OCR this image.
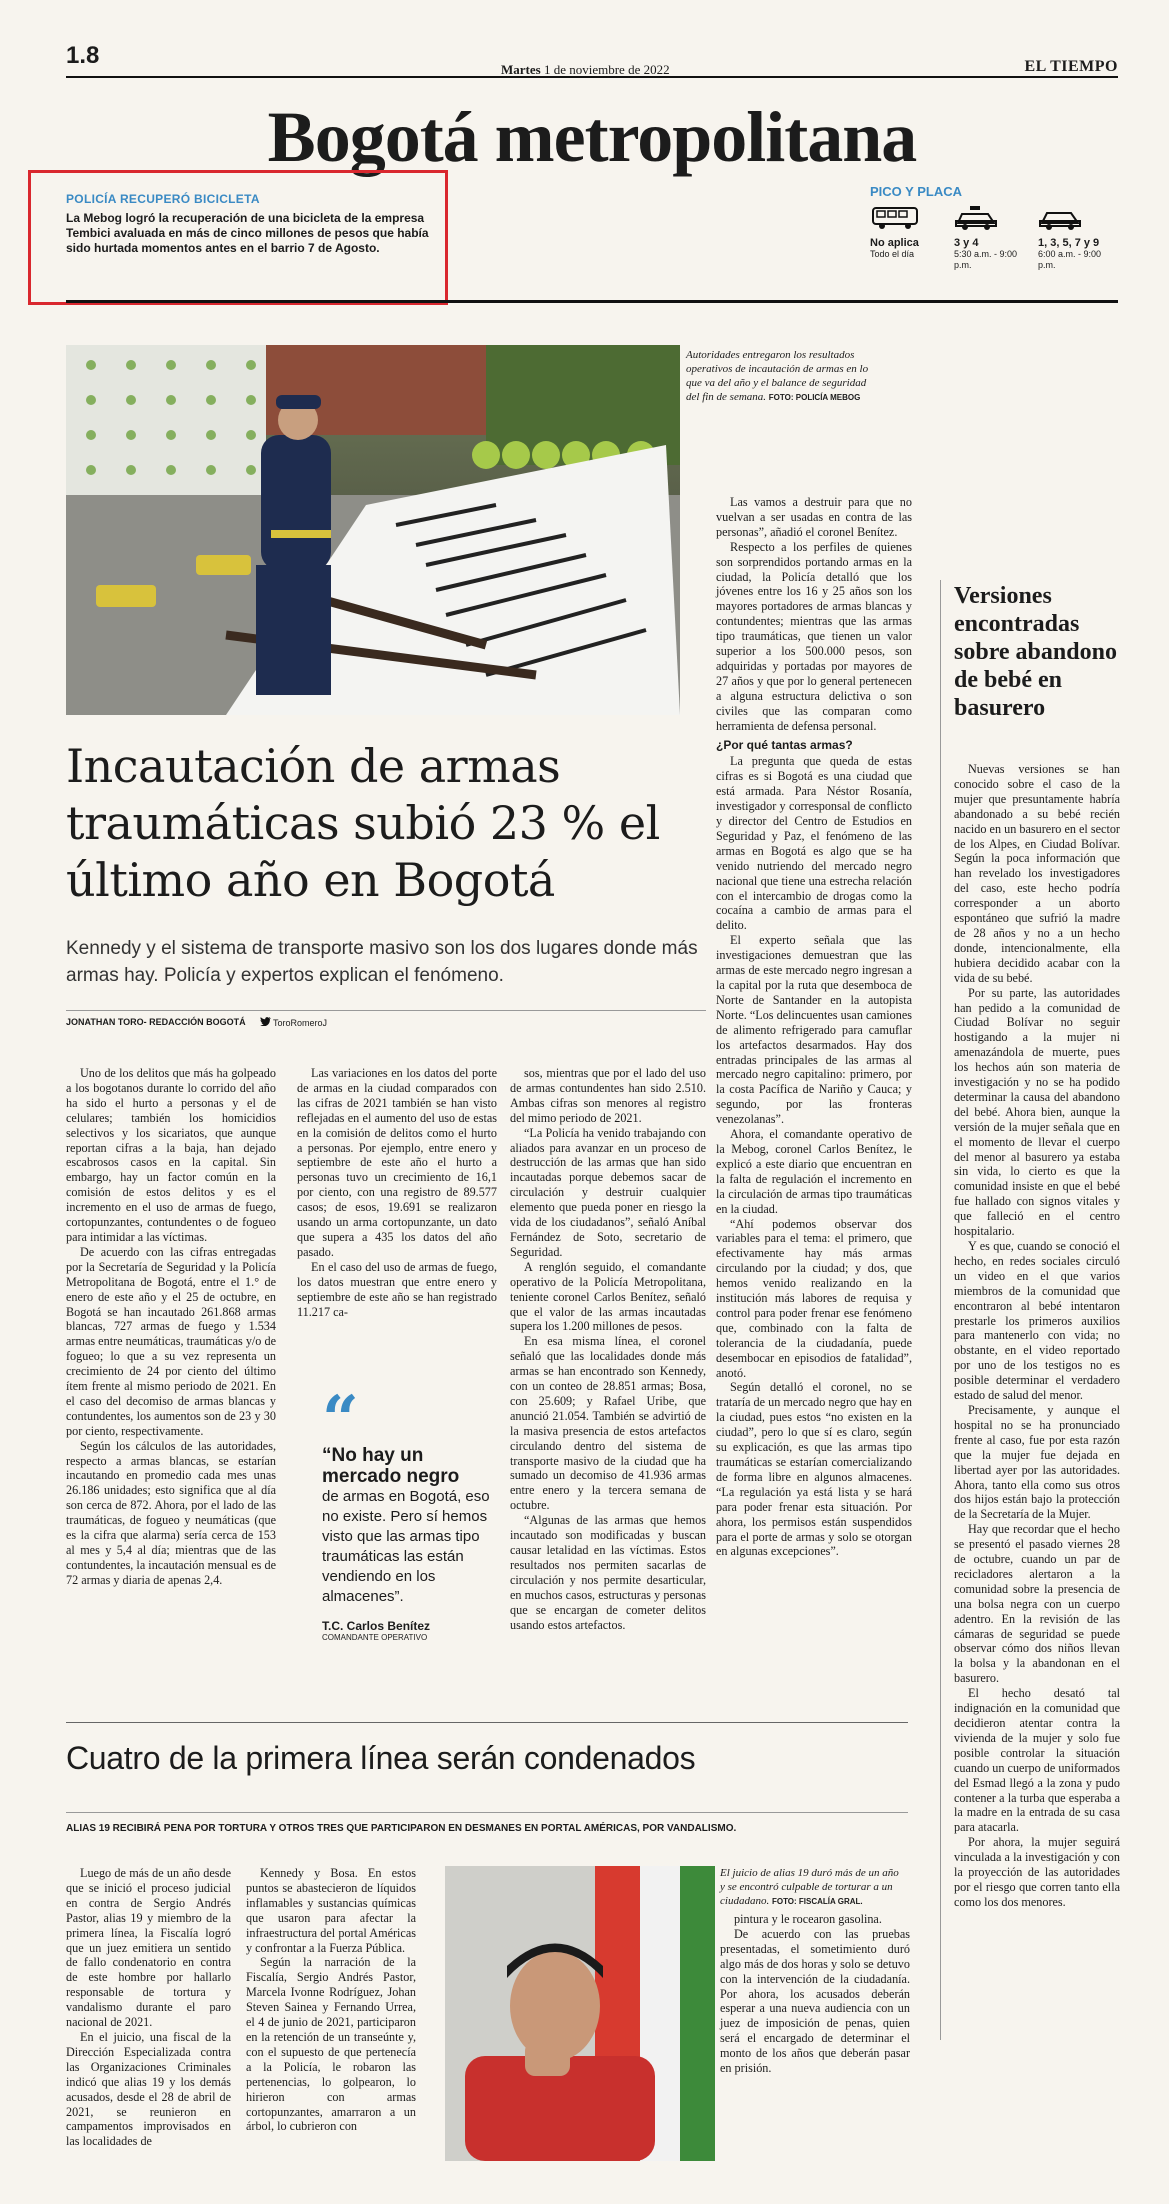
1.8
Martes 1 de noviembre de 2022	EL TIEMPO
Bogotá metropolitana
POLICÍA RECUPERÓ BICICLETA
La Mebog logró la recuperación de una bicicleta de la empresa Tembici avaluada en más de cinco millones de pesos que había sido hurtada momentos antes en el barrio 7 de Agosto.
PICO Y PLACA
No aplica
Todo el día
3 y 4
5:30 a.m. - 9:00 p.m.
1, 3, 5, 7 y 9
6:00 a.m. - 9:00 p.m.
Autoridades entregaron los resultados operativos de incautación de armas en lo que va del año y el balance de seguridad del fin de semana. FOTO: POLICÍA MEBOG
Incautación de armas traumáticas subió 23 % el último año en Bogotá
Kennedy y el sistema de transporte masivo son los dos lugares donde más armas hay. Policía y expertos explican el fenómeno.
JONATHAN TORO- REDACCIÓN BOGOTÁ	ToroRomeroJ

Uno de los delitos que más ha golpeado a los bogotanos durante lo corrido del año ha sido el hurto a personas y el de celulares; también los homicidios selectivos y los sicariatos, que aunque reportan cifras a la baja, han dejado escabrosos casos en la capital. Sin embargo, hay un factor común en la comisión de estos delitos y es el incremento en el uso de armas de fuego, cortopunzantes, contundentes o de fogueo para intimidar a las víctimas.

De acuerdo con las cifras entregadas por la Secretaría de Seguridad y la Policía Metropolitana de Bogotá, entre el 1.° de enero de este año y el 25 de octubre, en Bogotá se han incautado 261.868 armas blancas, 727 armas de fuego y 1.534 armas entre neumáticas, traumáticas y/o de fogueo; lo que a su vez representa un crecimiento de 24 por ciento del último ítem frente al mismo periodo de 2021. En el caso del decomiso de armas blancas y contundentes, los aumentos son de 23 y 30 por ciento, respectivamente.

Según los cálculos de las autoridades, respecto a armas blancas, se estarían incautando en promedio cada mes unas 26.186 unidades; esto significa que al día son cerca de 872. Ahora, por el lado de las traumáticas, de fogueo y neumáticas (que es la cifra que alarma) sería cerca de 153 al mes y 5,4 al día; mientras que de las contundentes, la incautación mensual es de 72 armas y diaria de apenas 2,4.

Las variaciones en los datos del porte de armas en la ciudad comparados con las cifras de 2021 también se han visto reflejadas en el aumento del uso de estas en la comisión de delitos como el hurto a personas. Por ejemplo, entre enero y septiembre de este año el hurto a personas tuvo un crecimiento de 16,1 por ciento, con una registro de 89.577 casos; de esos, 19.691 se realizaron usando un arma cortopunzante, un dato que supera a 435 los datos del año pasado.

En el caso del uso de armas de fuego, los datos muestran que entre enero y septiembre de este año se han registrado 11.217 ca-

“
“No hay un mercado negro
de armas en Bogotá, eso no existe. Pero sí hemos visto que las armas tipo traumáticas las están vendiendo en los almacenes”.
T.C. Carlos Benítez
COMANDANTE OPERATIVO

sos, mientras que por el lado del uso de armas contundentes han sido 2.510. Ambas cifras son menores al registro del mimo periodo de 2021.

“La Policía ha venido trabajando con aliados para avanzar en un proceso de destrucción de las armas que han sido incautadas porque debemos sacar de circulación y destruir cualquier elemento que pueda poner en riesgo la vida de los ciudadanos”, señaló Aníbal Fernández de Soto, secretario de Seguridad.

A renglón seguido, el comandante operativo de la Policía Metropolitana, teniente coronel Carlos Benítez, señaló que el valor de las armas incautadas supera los 1.200 millones de pesos.

En esa misma línea, el coronel señaló que las localidades donde más armas se han encontrado son Kennedy, con un conteo de 28.851 armas; Bosa, con 25.609; y Rafael Uribe, que anunció 21.054. También se advirtió de la masiva presencia de estos artefactos circulando dentro del sistema de transporte masivo de la ciudad que ha sumado un decomiso de 41.936 armas entre enero y la tercera semana de octubre.

“Algunas de las armas que hemos incautado son modificadas y buscan causar letalidad en las víctimas. Estos resultados nos permiten sacarlas de circulación y nos permite desarticular, en muchos casos, estructuras y personas que se encargan de cometer delitos usando estos artefactos.

Las vamos a destruir para que no vuelvan a ser usadas en contra de las personas”, añadió el coronel Benítez.

Respecto a los perfiles de quienes son sorprendidos portando armas en la ciudad, la Policía detalló que los jóvenes entre los 16 y 25 años son los mayores portadores de armas blancas y contundentes; mientras que las armas tipo traumáticas, que tienen un valor superior a los 500.000 pesos, son adquiridas y portadas por mayores de 27 años y que por lo general pertenecen a alguna estructura delictiva o son civiles que las comparan como herramienta de defensa personal.

¿Por qué tantas armas?

La pregunta que queda de estas cifras es si Bogotá es una ciudad que está armada. Para Néstor Rosanía, investigador y corresponsal de conflicto y director del Centro de Estudios en Seguridad y Paz, el fenómeno de las armas en Bogotá es algo que se ha venido nutriendo del mercado negro nacional que tiene una estrecha relación con el intercambio de drogas como la cocaína a cambio de armas para el delito.

El experto señala que las investigaciones demuestran que las armas de este mercado negro ingresan a la capital por la ruta que desemboca de Norte de Santander en la autopista Norte. “Los delincuentes usan camiones de alimento refrigerado para camuflar los artefactos desarmados. Hay dos entradas principales de las armas al mercado negro capitalino: primero, por la costa Pacífica de Nariño y Cauca; y segundo, por las fronteras venezolanas”.

Ahora, el comandante operativo de la Mebog, coronel Carlos Benítez, le explicó a este diario que encuentran en la falta de regulación el incremento en la circulación de armas tipo traumáticas en la ciudad.

“Ahí podemos observar dos variables para el tema: el primero, que efectivamente hay más armas circulando por la ciudad; y dos, que hemos venido realizando en la institución más labores de requisa y control para poder frenar ese fenómeno que, combinado con la falta de tolerancia de la ciudadanía, puede desembocar en episodios de fatalidad”, anotó.

Según detalló el coronel, no se trataría de un mercado negro que hay en la ciudad, pues estos “no existen en la ciudad”, pero lo que sí es claro, según su explicación, es que las armas tipo traumáticas se estarían comercializando de forma libre en algunos almacenes. “La regulación ya está lista y se hará para poder frenar esta situación. Por ahora, los permisos están suspendidos para el porte de armas y solo se otorgan en algunas excepciones”.

Versiones encontradas sobre abandono de bebé en basurero

Nuevas versiones se han conocido sobre el caso de la mujer que presuntamente habría abandonado a su bebé recién nacido en un basurero en el sector de los Alpes, en Ciudad Bolívar. Según la poca información que han revelado los investigadores del caso, este hecho podría corresponder a un aborto espontáneo que sufrió la madre de 28 años y no a un hecho donde, intencionalmente, ella hubiera decidido acabar con la vida de su bebé.

Por su parte, las autoridades han pedido a la comunidad de Ciudad Bolívar no seguir hostigando a la mujer ni amenazándola de muerte, pues los hechos aún son materia de investigación y no se ha podido determinar la causa del abandono del bebé. Ahora bien, aunque la versión de la mujer señala que en el momento de llevar el cuerpo del menor al basurero ya estaba sin vida, lo cierto es que la comunidad insiste en que el bebé fue hallado con signos vitales y que falleció en el centro hospitalario.

Y es que, cuando se conoció el hecho, en redes sociales circuló un video en el que varios miembros de la comunidad que encontraron al bebé intentaron prestarle los primeros auxilios para mantenerlo con vida; no obstante, en el video reportado por uno de los testigos no es posible determinar el verdadero estado de salud del menor.

Precisamente, y aunque el hospital no se ha pronunciado frente al caso, fue por esta razón que la mujer fue dejada en libertad ayer por las autoridades. Ahora, tanto ella como sus otros dos hijos están bajo la protección de la Secretaría de la Mujer.

Hay que recordar que el hecho se presentó el pasado viernes 28 de octubre, cuando un par de recicladores alertaron a la comunidad sobre la presencia de una bolsa negra con un cuerpo adentro. En la revisión de las cámaras de seguridad se puede observar cómo dos niños llevan la bolsa y la abandonan en el basurero.

El hecho desató tal indignación en la comunidad que decidieron atentar contra la vivienda de la mujer y solo fue posible controlar la situación cuando un cuerpo de uniformados del Esmad llegó a la zona y pudo contener a la turba que esperaba a la madre en la entrada de su casa para atacarla.

Por ahora, la mujer seguirá vinculada a la investigación y con la proyección de las autoridades por el riesgo que corren tanto ella como los dos menores.

Cuatro de la primera línea serán condenados
ALIAS 19 RECIBIRÁ PENA POR TORTURA Y OTROS TRES QUE PARTICIPARON EN DESMANES EN PORTAL AMÉRICAS, POR VANDALISMO.

Luego de más de un año desde que se inició el proceso judicial en contra de Sergio Andrés Pastor, alias 19 y miembro de la primera línea, la Fiscalía logró que un juez emitiera un sentido de fallo condenatorio en contra de este hombre por hallarlo responsable de tortura y vandalismo durante el paro nacional de 2021.

En el juicio, una fiscal de la Dirección Especializada contra las Organizaciones Criminales indicó que alias 19 y los demás acusados, desde el 28 de abril de 2021, se reunieron en campamentos improvisados en las localidades de

Kennedy y Bosa. En estos puntos se abastecieron de líquidos inflamables y sustancias químicas que usaron para afectar la infraestructura del portal Américas y confrontar a la Fuerza Pública.

Según la narración de la Fiscalía, Sergio Andrés Pastor, Marcela Ivonne Rodríguez, Johan Steven Sainea y Fernando Urrea, el 4 de junio de 2021, participaron en la retención de un transeúnte y, con el supuesto de que pertenecía a la Policía, le robaron las pertenencias, lo golpearon, lo hirieron con armas cortopunzantes, amarraron a un árbol, lo cubrieron con

El juicio de alias 19 duró más de un año y se encontró culpable de torturar a un ciudadano. FOTO: FISCALÍA GRAL.

pintura y le rocearon gasolina.

De acuerdo con las pruebas presentadas, el sometimiento duró algo más de dos horas y solo se detuvo con la intervención de la ciudadanía. Por ahora, los acusados deberán esperar a una nueva audiencia con un juez de imposición de penas, quien será el encargado de determinar el monto de los años que deberán pasar en prisión.
